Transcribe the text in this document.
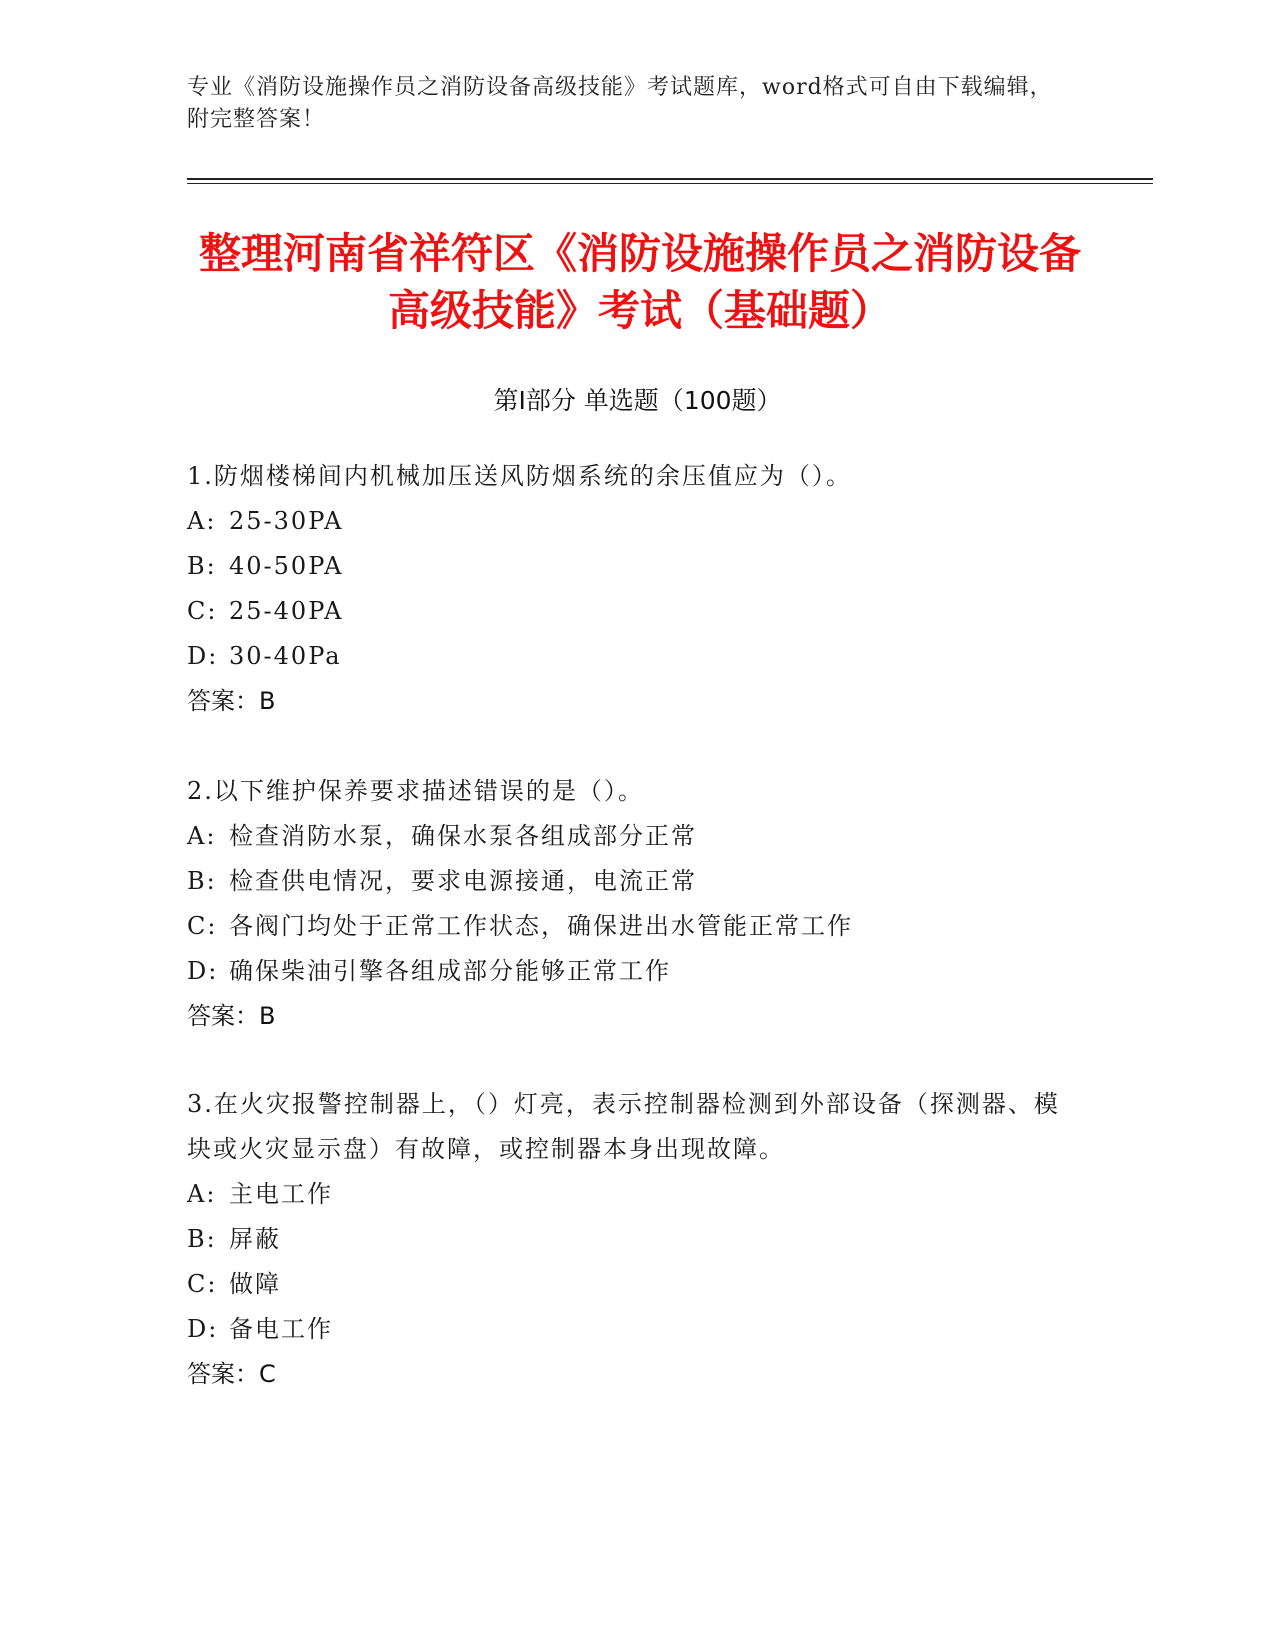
专业《消防设施操作员之消防设备高级技能》考试题库，word格式可自由下载编辑，附完整答案！
整理河南省祥符区《消防设施操作员之消防设备高级技能》考试（基础题）
第I部分 单选题（100题）
1.防烟楼梯间内机械加压送风防烟系统的余压值应为（）。
A: 25-30PA
B: 40-50PA
C: 25-40PA
D: 30-40Pa
答案：B
2.以下维护保养要求描述错误的是（）。
A: 检查消防水泵，确保水泵各组成部分正常
B: 检查供电情况，要求电源接通，电流正常
C: 各阀门均处于正常工作状态，确保进出水管能正常工作
D: 确保柴油引擎各组成部分能够正常工作
答案：B
3.在火灾报警控制器上，（）灯亮，表示控制器检测到外部设备（探测器、模块或火灾显示盘）有故障，或控制器本身出现故障。
A: 主电工作
B: 屏蔽
C: 做障
D: 备电工作
答案：C
